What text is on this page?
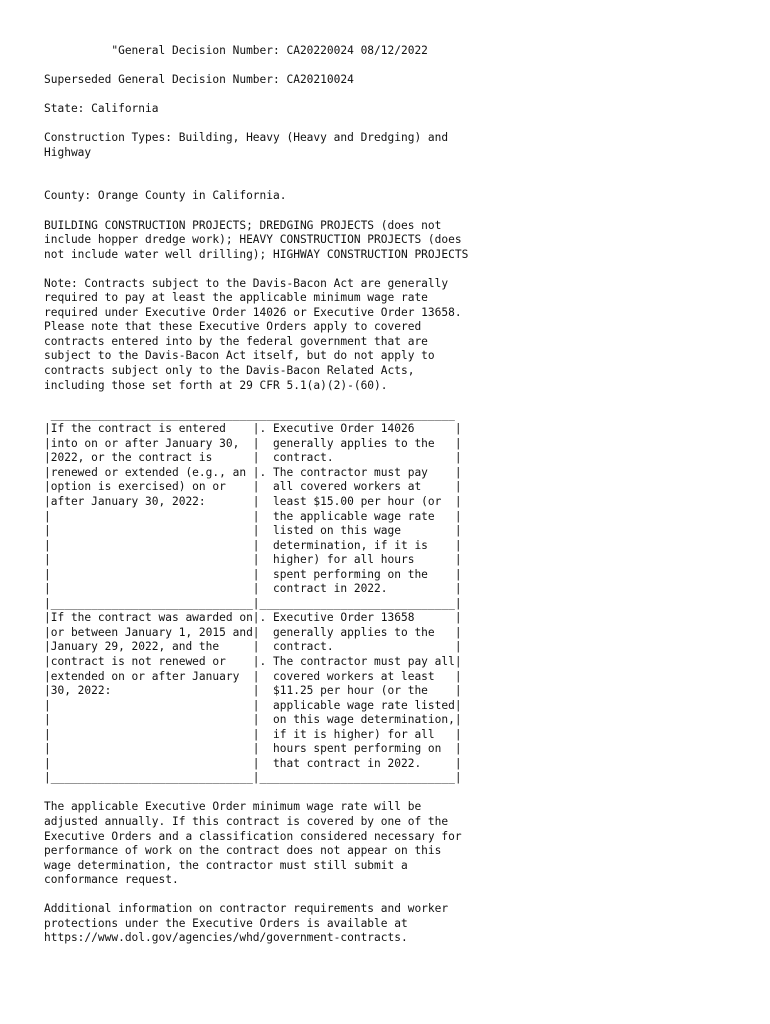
"General Decision Number: CA20220024 08/12/2022

Superseded General Decision Number: CA20210024

State: California

Construction Types: Building, Heavy (Heavy and Dredging) and
Highway

County: Orange County in California.

BUILDING CONSTRUCTION PROJECTS; DREDGING PROJECTS (does not
include hopper dredge work); HEAVY CONSTRUCTION PROJECTS (does
not include water well drilling); HIGHWAY CONSTRUCTION PROJECTS

Note: Contracts subject to the Davis-Bacon Act are generally
required to pay at least the applicable minimum wage rate
required under Executive Order 14026 or Executive Order 13658.
Please note that these Executive Orders apply to covered
contracts entered into by the federal government that are
subject to the Davis-Bacon Act itself, but do not apply to
contracts subject only to the Davis-Bacon Related Acts,
including those set forth at 29 CFR 5.1(a)(2)-(60).

____________________________________________________________
|If the contract is entered    |. Executive Order 14026      |
|into on or after January 30,  |  generally applies to the   |
|2022, or the contract is      |  contract.                  |
|renewed or extended (e.g., an |. The contractor must pay    |
|option is exercised) on or    |  all covered workers at     |
|after January 30, 2022:       |  least $15.00 per hour (or  |
|                              |  the applicable wage rate   |
|                              |  listed on this wage        |
|                              |  determination, if it is    |
|                              |  higher) for all hours      |
|                              |  spent performing on the    |
|                              |  contract in 2022.          |
|______________________________|_____________________________|
|If the contract was awarded on|. Executive Order 13658      |
|or between January 1, 2015 and|  generally applies to the   |
|January 29, 2022, and the     |  contract.                  |
|contract is not renewed or    |. The contractor must pay all|
|extended on or after January  |  covered workers at least   |
|30, 2022:                     |  $11.25 per hour (or the    |
|                              |  applicable wage rate listed|
|                              |  on this wage determination,|
|                              |  if it is higher) for all   |
|                              |  hours spent performing on  |
|                              |  that contract in 2022.     |
|______________________________|_____________________________|

The applicable Executive Order minimum wage rate will be
adjusted annually. If this contract is covered by one of the
Executive Orders and a classification considered necessary for
performance of work on the contract does not appear on this
wage determination, the contractor must still submit a
conformance request.

Additional information on contractor requirements and worker
protections under the Executive Orders is available at
https://www.dol.gov/agencies/whd/government-contracts.
